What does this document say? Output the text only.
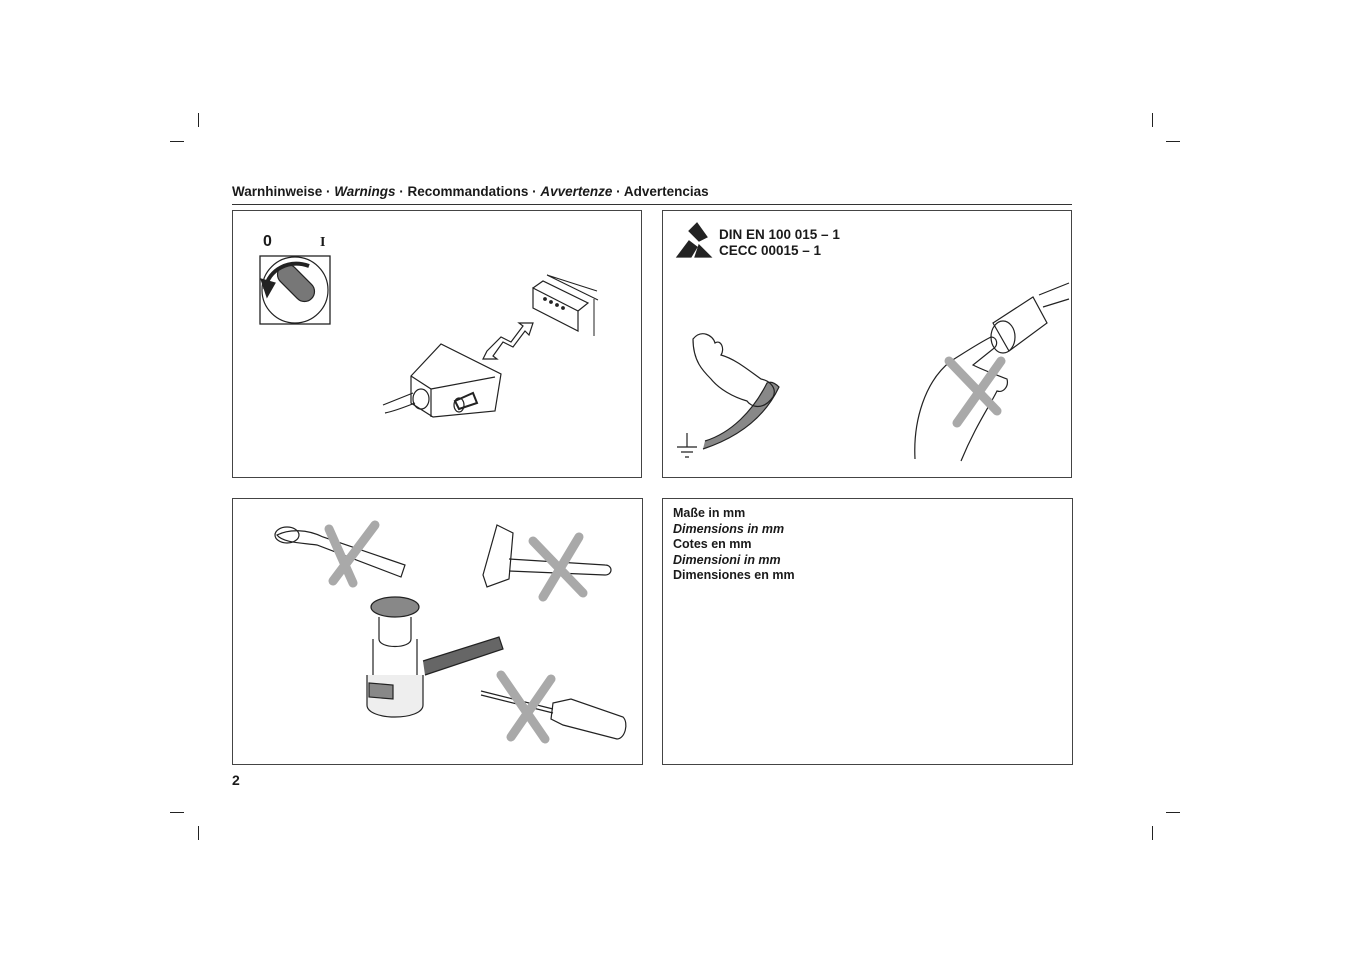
Warnhinweise · Warnings · Recommandations · Avvertenze · Advertencias
0	I
DIN EN 100 015 – 1
CECC 00015 – 1
Maße in mm
Dimensions in mm
Cotes en mm
Dimensioni in mm
Dimensiones en mm
2
